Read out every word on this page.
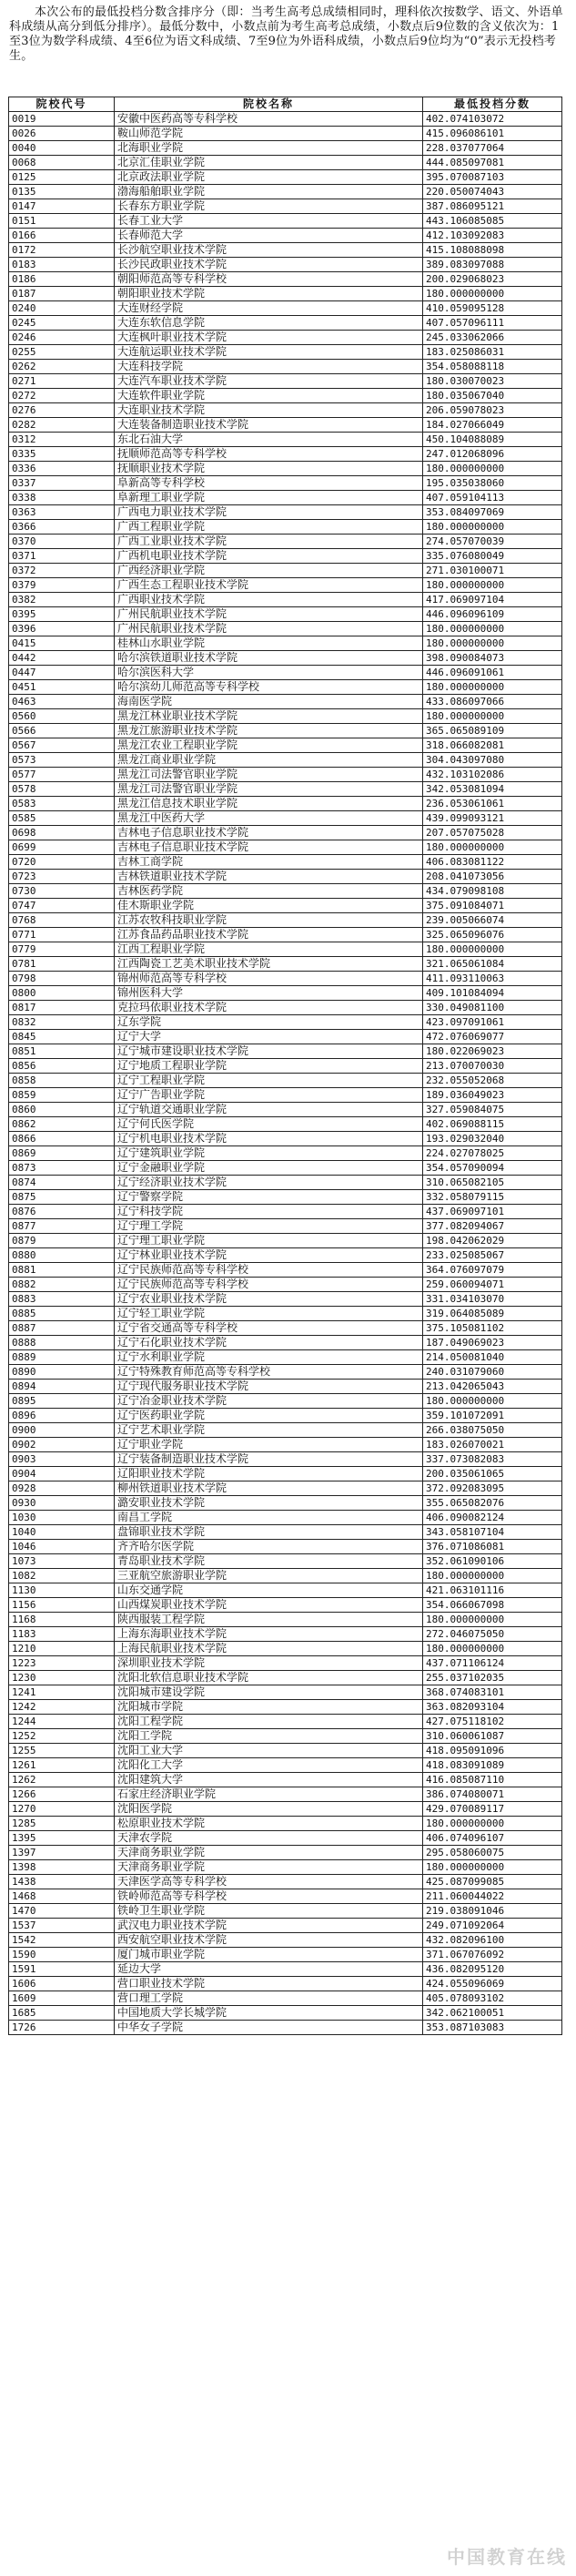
本次公布的最低投档分数含排序分（即：当考生高考总成绩相同时，理科依次按数学、语文、外语单科成绩从高分到低分排序）。最低分数中，小数点前为考生高考总成绩，小数点后9位数的含义依次为：1至3位为数学科成绩、4至6位为语文科成绩、7至9位为外语科成绩，小数点后9位均为“0”表示无投档考生。

院校代号	院校名称	最低投档分数
0019	安徽中医药高等专科学校	402.074103072
0026	鞍山师范学院	415.096086101
0040	北海职业学院	228.037077064
0068	北京汇佳职业学院	444.085097081
0125	北京政法职业学院	395.070087103
0135	渤海船舶职业学院	220.050074043
0147	长春东方职业学院	387.086095121
0151	长春工业大学	443.106085085
0166	长春师范大学	412.103092083
0172	长沙航空职业技术学院	415.108088098
0183	长沙民政职业技术学院	389.083097088
0186	朝阳师范高等专科学校	200.029068023
0187	朝阳职业技术学院	180.000000000
0240	大连财经学院	410.059095128
0245	大连东软信息学院	407.057096111
0246	大连枫叶职业技术学院	245.033062066
0255	大连航运职业技术学院	183.025086031
0262	大连科技学院	354.058088118
0271	大连汽车职业技术学院	180.030070023
0272	大连软件职业学院	180.035067040
0276	大连职业技术学院	206.059078023
0282	大连装备制造职业技术学院	184.027066049
0312	东北石油大学	450.104088089
0335	抚顺师范高等专科学校	247.012068096
0336	抚顺职业技术学院	180.000000000
0337	阜新高等专科学校	195.035038060
0338	阜新理工职业学院	407.059104113
0363	广西电力职业技术学院	353.084097069
0366	广西工程职业学院	180.000000000
0370	广西工业职业技术学院	274.057070039
0371	广西机电职业技术学院	335.076080049
0372	广西经济职业学院	271.030100071
0379	广西生态工程职业技术学院	180.000000000
0382	广西职业技术学院	417.069097104
0395	广州民航职业技术学院	446.096096109
0396	广州民航职业技术学院	180.000000000
0415	桂林山水职业学院	180.000000000
0442	哈尔滨铁道职业技术学院	398.090084073
0447	哈尔滨医科大学	446.096091061
0451	哈尔滨幼儿师范高等专科学校	180.000000000
0463	海南医学院	433.086097066
0560	黑龙江林业职业技术学院	180.000000000
0566	黑龙江旅游职业技术学院	365.065089109
0567	黑龙江农业工程职业学院	318.066082081
0573	黑龙江商业职业学院	304.043097080
0577	黑龙江司法警官职业学院	432.103102086
0578	黑龙江司法警官职业学院	342.053081094
0583	黑龙江信息技术职业学院	236.053061061
0585	黑龙江中医药大学	439.099093121
0698	吉林电子信息职业技术学院	207.057075028
0699	吉林电子信息职业技术学院	180.000000000
0720	吉林工商学院	406.083081122
0723	吉林铁道职业技术学院	208.041073056
0730	吉林医药学院	434.079098108
0747	佳木斯职业学院	375.091084071
0768	江苏农牧科技职业学院	239.005066074
0771	江苏食品药品职业技术学院	325.065096076
0779	江西工程职业学院	180.000000000
0781	江西陶瓷工艺美术职业技术学院	321.065061084
0798	锦州师范高等专科学校	411.093110063
0800	锦州医科大学	409.101084094
0817	克拉玛依职业技术学院	330.049081100
0832	辽东学院	423.097091061
0845	辽宁大学	472.076069077
0851	辽宁城市建设职业技术学院	180.022069023
0856	辽宁地质工程职业学院	213.070070030
0858	辽宁工程职业学院	232.055052068
0859	辽宁广告职业学院	189.036049023
0860	辽宁轨道交通职业学院	327.059084075
0862	辽宁何氏医学院	402.069088115
0866	辽宁机电职业技术学院	193.029032040
0869	辽宁建筑职业学院	224.027078025
0873	辽宁金融职业学院	354.057090094
0874	辽宁经济职业技术学院	310.065082105
0875	辽宁警察学院	332.058079115
0876	辽宁科技学院	437.069097101
0877	辽宁理工学院	377.082094067
0879	辽宁理工职业学院	198.042062029
0880	辽宁林业职业技术学院	233.025085067
0881	辽宁民族师范高等专科学校	364.076097079
0882	辽宁民族师范高等专科学校	259.060094071
0883	辽宁农业职业技术学院	331.034103070
0885	辽宁轻工职业学院	319.064085089
0887	辽宁省交通高等专科学校	375.105081102
0888	辽宁石化职业技术学院	187.049069023
0889	辽宁水利职业学院	214.050081040
0890	辽宁特殊教育师范高等专科学校	240.031079060
0894	辽宁现代服务职业技术学院	213.042065043
0895	辽宁冶金职业技术学院	180.000000000
0896	辽宁医药职业学院	359.101072091
0900	辽宁艺术职业学院	266.038075050
0902	辽宁职业学院	183.026070021
0903	辽宁装备制造职业技术学院	337.073082083
0904	辽阳职业技术学院	200.035061065
0928	柳州铁道职业技术学院	372.092083095
0930	潞安职业技术学院	355.065082076
1030	南昌工学院	406.090082124
1040	盘锦职业技术学院	343.058107104
1046	齐齐哈尔医学院	376.071086081
1073	青岛职业技术学院	352.061090106
1082	三亚航空旅游职业学院	180.000000000
1130	山东交通学院	421.063101116
1156	山西煤炭职业技术学院	354.066067098
1168	陕西服装工程学院	180.000000000
1183	上海东海职业技术学院	272.046075050
1210	上海民航职业技术学院	180.000000000
1223	深圳职业技术学院	437.071106124
1230	沈阳北软信息职业技术学院	255.037102035
1241	沈阳城市建设学院	368.074083101
1242	沈阳城市学院	363.082093104
1244	沈阳工程学院	427.075118102
1252	沈阳工学院	310.060061087
1255	沈阳工业大学	418.095091096
1261	沈阳化工大学	418.083091089
1262	沈阳建筑大学	416.085087110
1266	石家庄经济职业学院	386.074080071
1270	沈阳医学院	429.070089117
1285	松原职业技术学院	180.000000000
1395	天津农学院	406.074096107
1397	天津商务职业学院	295.058060075
1398	天津商务职业学院	180.000000000
1438	天津医学高等专科学校	425.087099085
1468	铁岭师范高等专科学校	211.060044022
1470	铁岭卫生职业学院	219.038091046
1537	武汉电力职业技术学院	249.071092064
1542	西安航空职业技术学院	432.082096100
1590	厦门城市职业学院	371.067076092
1591	延边大学	436.082095120
1606	营口职业技术学院	424.055096069
1609	营口理工学院	405.078093102
1685	中国地质大学长城学院	342.062100051
1726	中华女子学院	353.087103083
中国教育在线
